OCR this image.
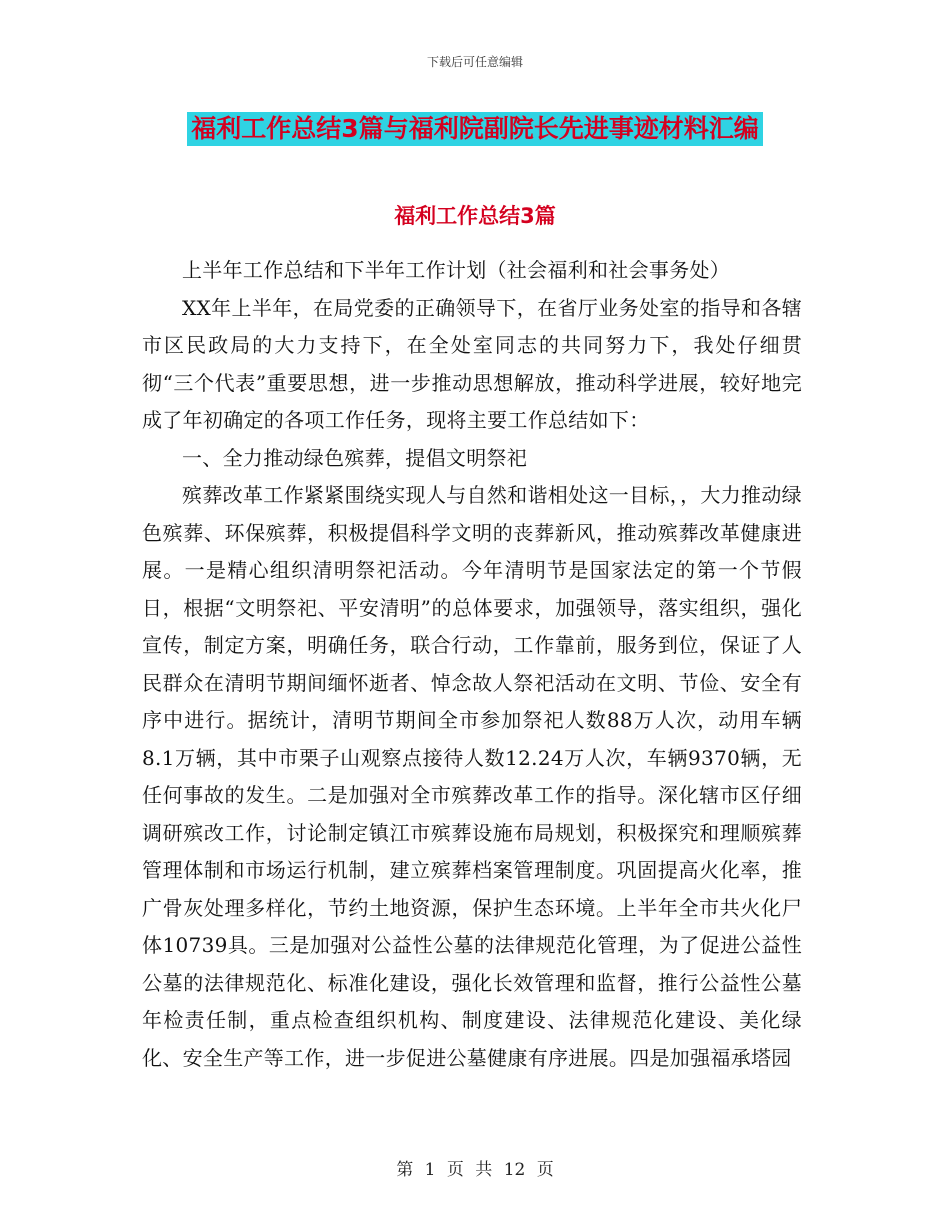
下载后可任意编辑
福利工作总结3篇与福利院副院长先进事迹材料汇编
福利工作总结3篇

上半年工作总结和下半年工作计划（社会福利和社会事务处）

XX年上半年，在局党委的正确领导下，在省厅业务处室的指导和各辖市区民政局的大力支持下，在全处室同志的共同努力下，我处仔细贯彻“三个代表”重要思想，进一步推动思想解放，推动科学进展，较好地完成了年初确定的各项工作任务，现将主要工作总结如下：

一、全力推动绿色殡葬，提倡文明祭祀

殡葬改革工作紧紧围绕实现人与自然和谐相处这一目标，，大力推动绿色殡葬、环保殡葬，积极提倡科学文明的丧葬新风，推动殡葬改革健康进展。一是精心组织清明祭祀活动。今年清明节是国家法定的第一个节假日，根据“文明祭祀、平安清明”的总体要求，加强领导，落实组织，强化宣传，制定方案，明确任务，联合行动，工作靠前，服务到位，保证了人民群众在清明节期间缅怀逝者、悼念故人祭祀活动在文明、节俭、安全有序中进行。据统计，清明节期间全市参加祭祀人数88万人次，动用车辆8.1万辆，其中市栗子山观察点接待人数12.24万人次，车辆9370辆，无任何事故的发生。二是加强对全市殡葬改革工作的指导。深化辖市区仔细调研殡改工作，讨论制定镇江市殡葬设施布局规划，积极探究和理顺殡葬管理体制和市场运行机制，建立殡葬档案管理制度。巩固提高火化率，推广骨灰处理多样化，节约土地资源，保护生态环境。上半年全市共火化尸体10739具。三是加强对公益性公墓的法律规范化管理，为了促进公益性公墓的法律规范化、标准化建设，强化长效管理和监督，推行公益性公墓年检责任制，重点检查组织机构、制度建设、法律规范化建设、美化绿化、安全生产等工作，进一步促进公墓健康有序进展。四是加强福承塔园

第 1 页 共 12 页
